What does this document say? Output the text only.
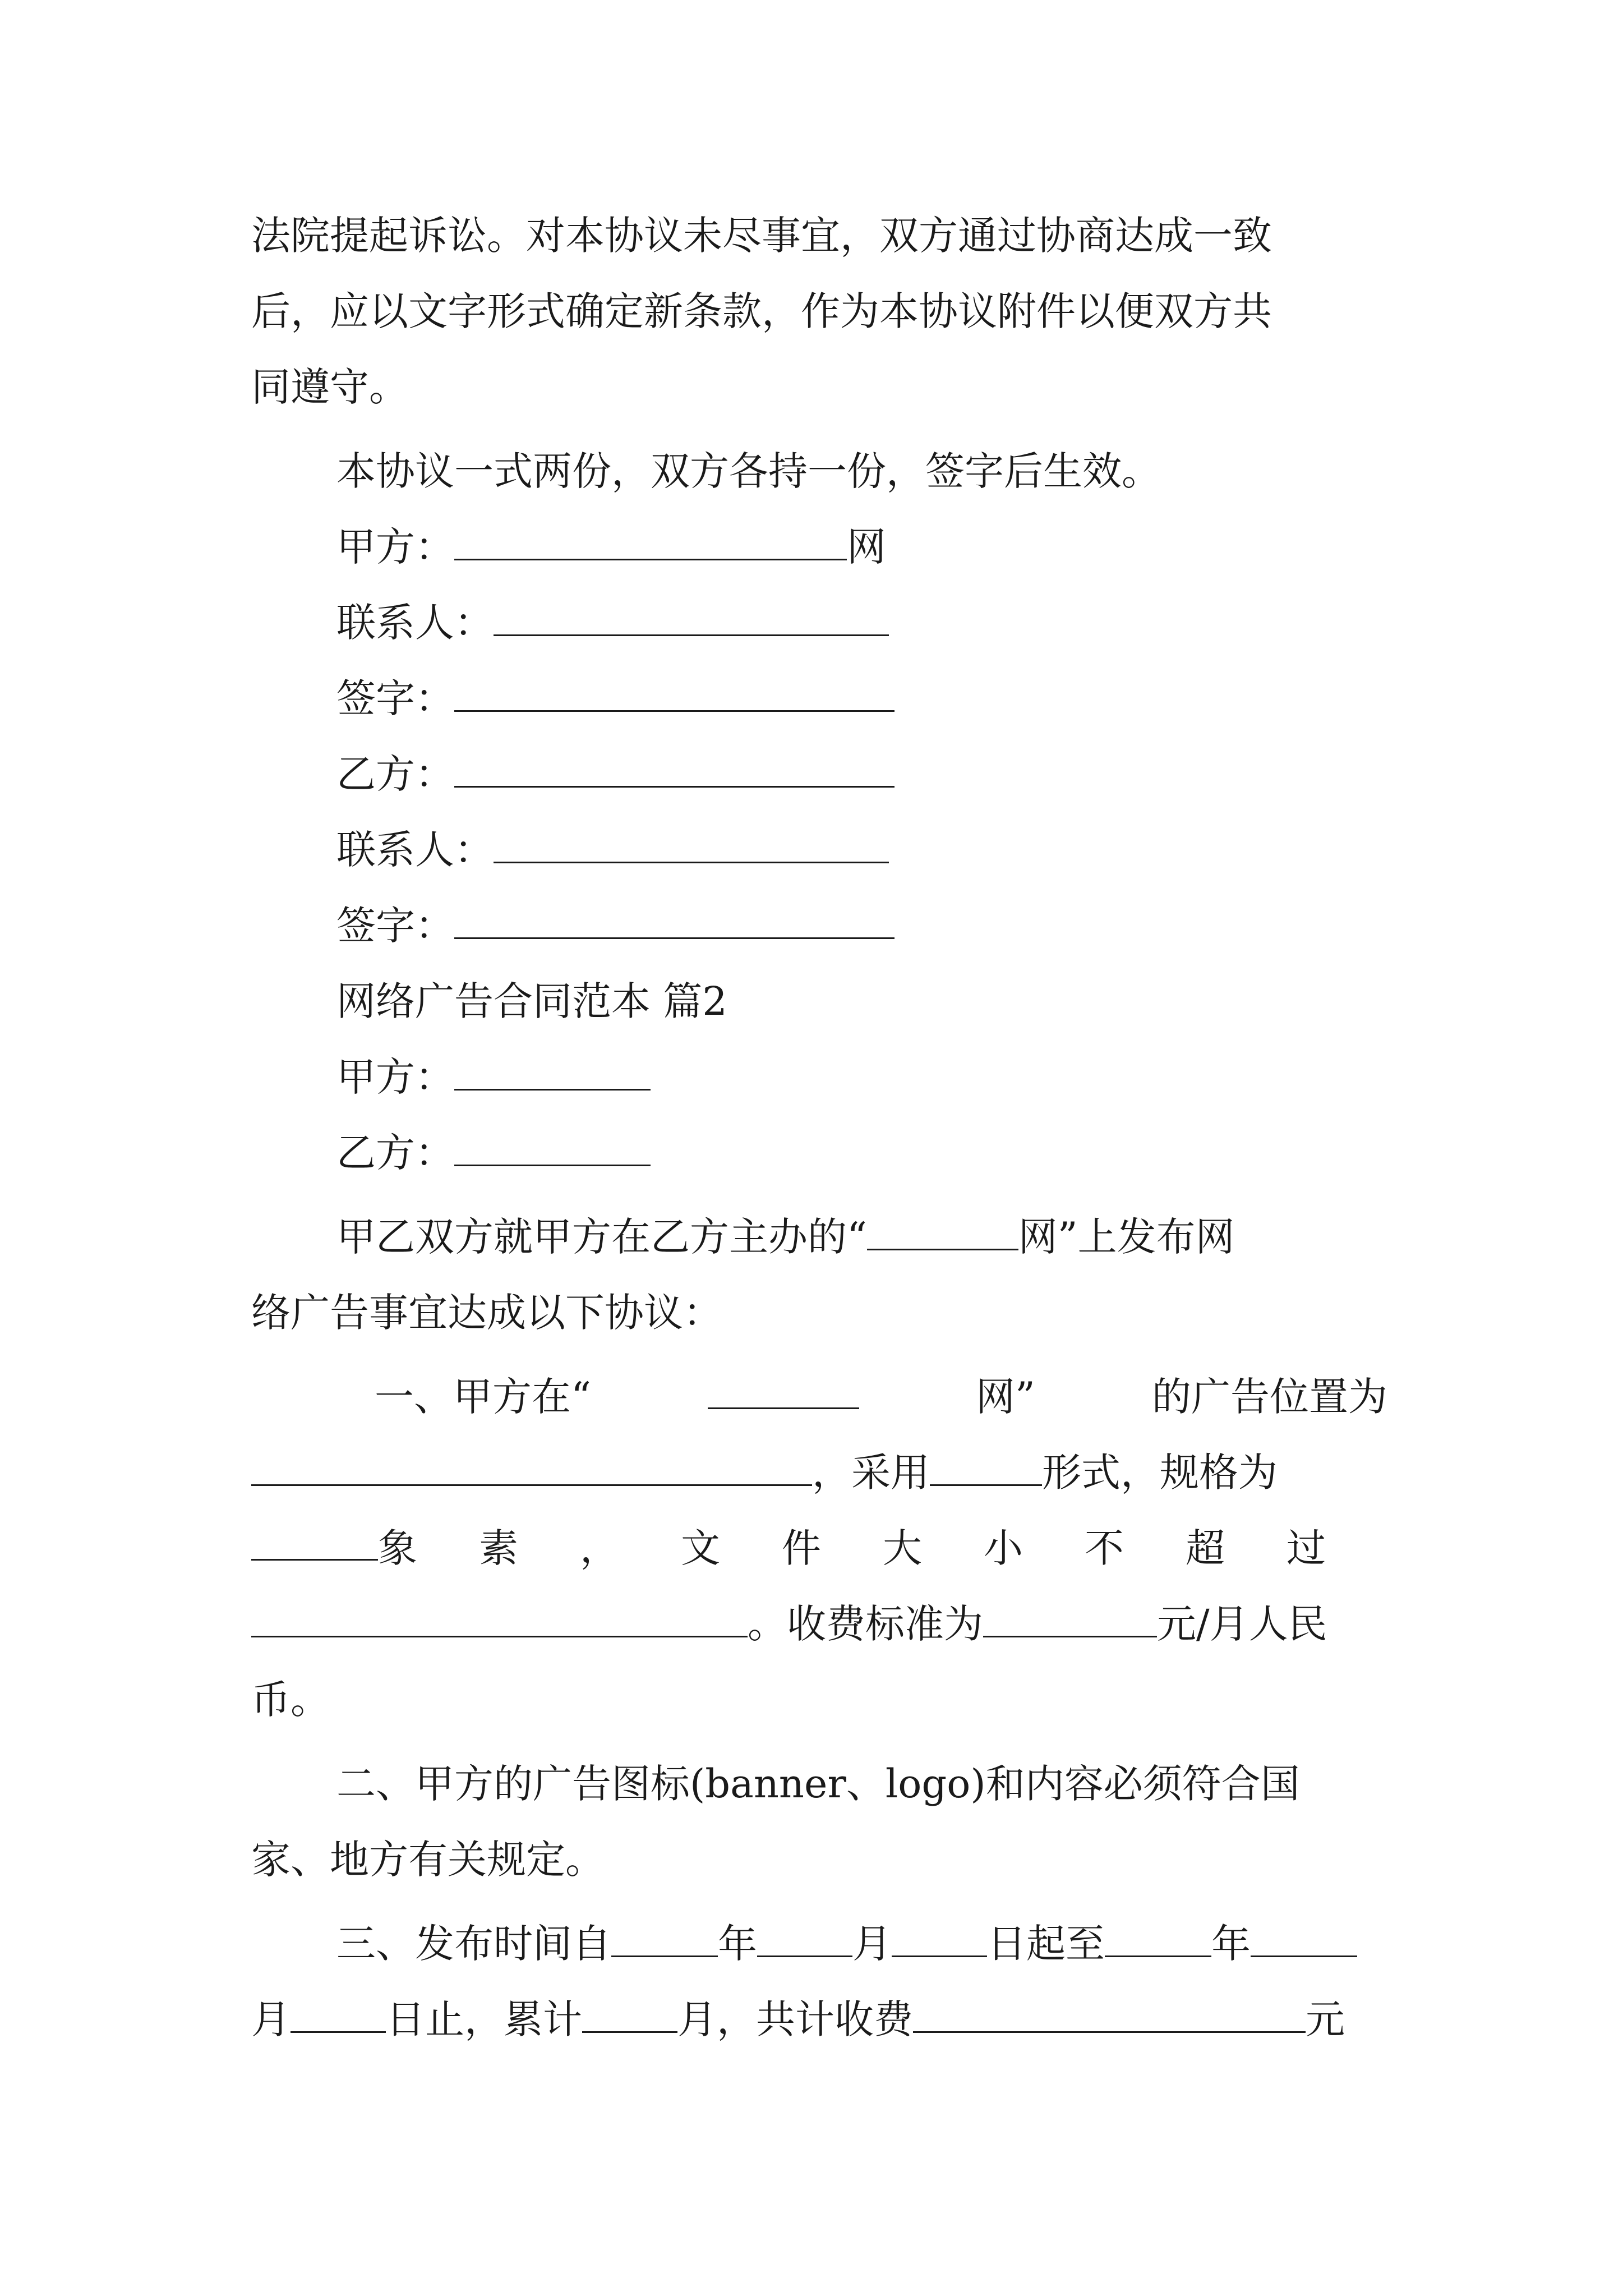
法院提起诉讼。对本协议未尽事宜，双方通过协商达成一致
后，应以文字形式确定新条款，作为本协议附件以便双方共
同遵守。
本协议一式两份，双方各持一份，签字后生效。
甲方：	网
联系人：
签字：
乙方：
联系人：
签字：
网络广告合同范本 篇2
甲方：
乙方：
甲乙双方就甲方在乙方主办的“	网”上发布网
络广告事宜达成以下协议：
一、甲方在“	网”	的广告位置为
，采用	形式，规格为
象素，文件大小不超过
。收费标准为	元/月人民
币。
二、甲方的广告图标(banner、logo)和内容必须符合国
家、地方有关规定。
三、发布时间自	年 月 日起至	年
月 日止，累计 月，共计收费	元
